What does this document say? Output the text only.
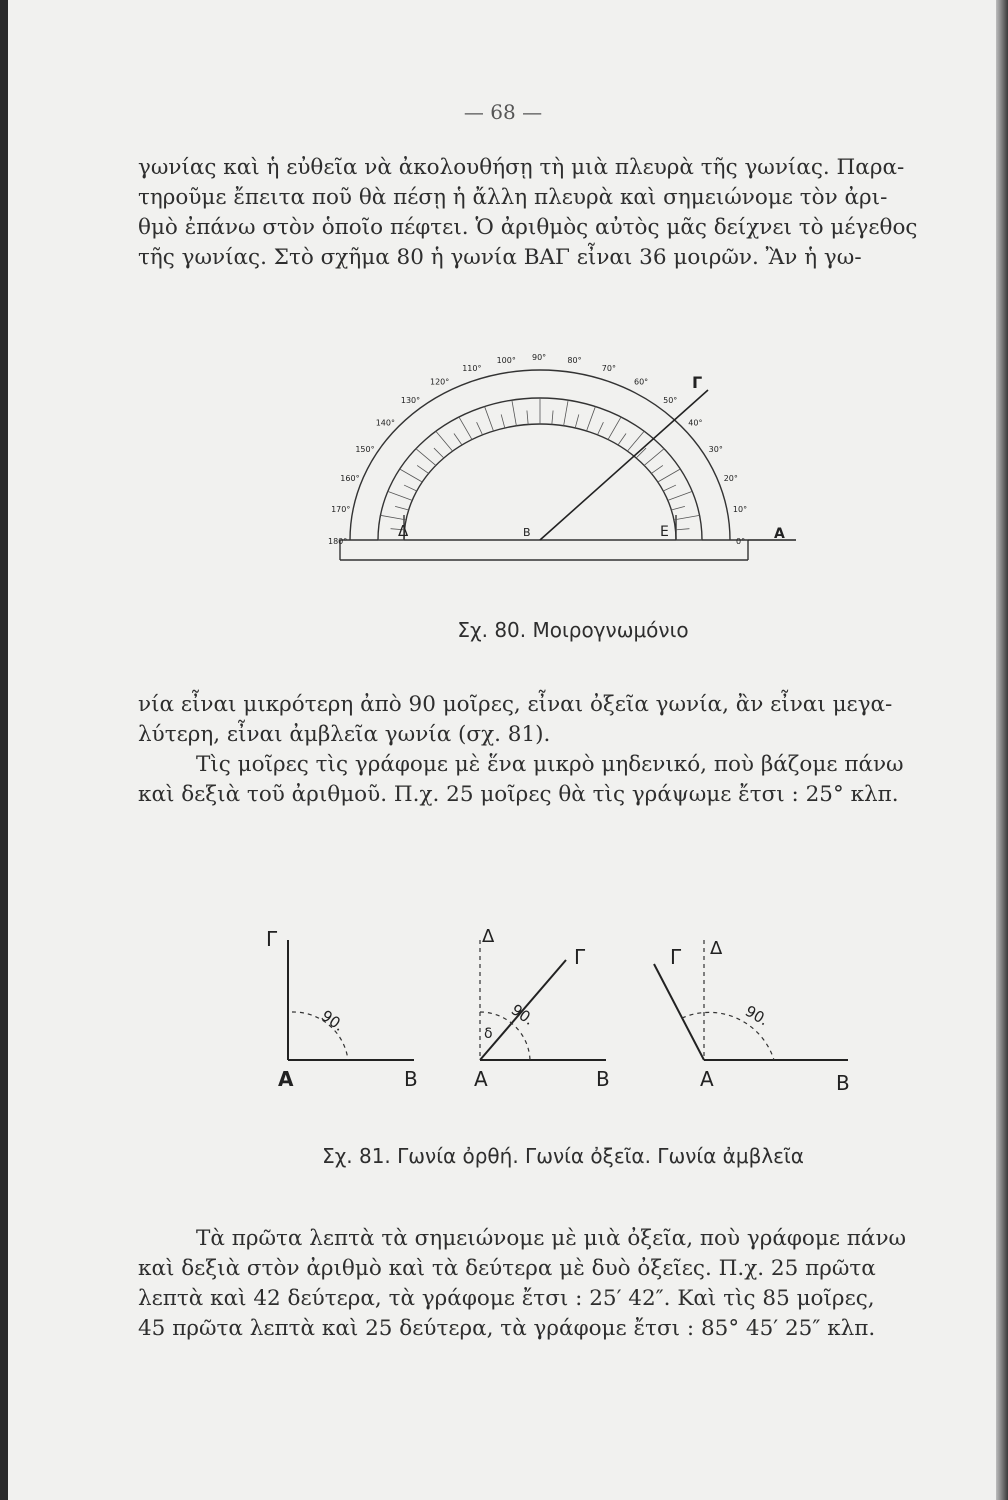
— 68 —
γωνίας καὶ ἡ εὐθεῖα νὰ ἀκολουθήσῃ τὴ μιὰ πλευρὰ τῆς γωνίας. Παρα-
τηροῦμε ἔπειτα ποῦ θὰ πέσῃ ἡ ἄλλη πλευρὰ καὶ σημειώνομε τὸν ἀρι-
θμὸ ἐπάνω στὸν ὁποῖο πέφτει. Ὁ ἀριθμὸς αὐτὸς μᾶς δείχνει τὸ μέγεθος
τῆς γωνίας. Στὸ σχῆμα 80 ἡ γωνία ΒΑΓ εἶναι 36 μοιρῶν. Ἂν ἡ γω-
Δ	B	E	A
Γ
180°
170°
160°
150°
140°
130°
120°
110°
100° 90°	80°
70°
60°
50°
40°
30°
20°
10°
0°
Σχ. 80. Μοιρογνωμόνιο
νία εἶναι μικρότερη ἀπὸ 90 μοῖρες, εἶναι ὀξεῖα γωνία, ἂν εἶναι μεγα-
λύτερη, εἶναι ἀμβλεῖα γωνία (σχ. 81).
Τὶς μοῖρες τὶς γράφομε μὲ ἕνα μικρὸ μηδενικό, ποὺ βάζομε πάνω
καὶ δεξιὰ τοῦ ἀριθμοῦ. Π.χ. 25 μοῖρες θὰ τὶς γράψωμε ἔτσι : 25° κλπ.
Γ
A	B
90.
Δ
Γ
A	B
90.
δ
Γ Δ
A	B
90.
Σχ. 81. Γωνία ὀρθή. Γωνία ὀξεῖα. Γωνία ἀμβλεῖα
Τὰ πρῶτα λεπτὰ τὰ σημειώνομε μὲ μιὰ ὀξεῖα, ποὺ γράφομε πάνω
καὶ δεξιὰ στὸν ἀριθμὸ καὶ τὰ δεύτερα μὲ δυὸ ὀξεῖες. Π.χ. 25 πρῶτα
λεπτὰ καὶ 42 δεύτερα, τὰ γράφομε ἔτσι : 25′ 42″. Καὶ τὶς 85 μοῖρες,
45 πρῶτα λεπτὰ καὶ 25 δεύτερα, τὰ γράφομε ἔτσι : 85° 45′ 25″ κλπ.
